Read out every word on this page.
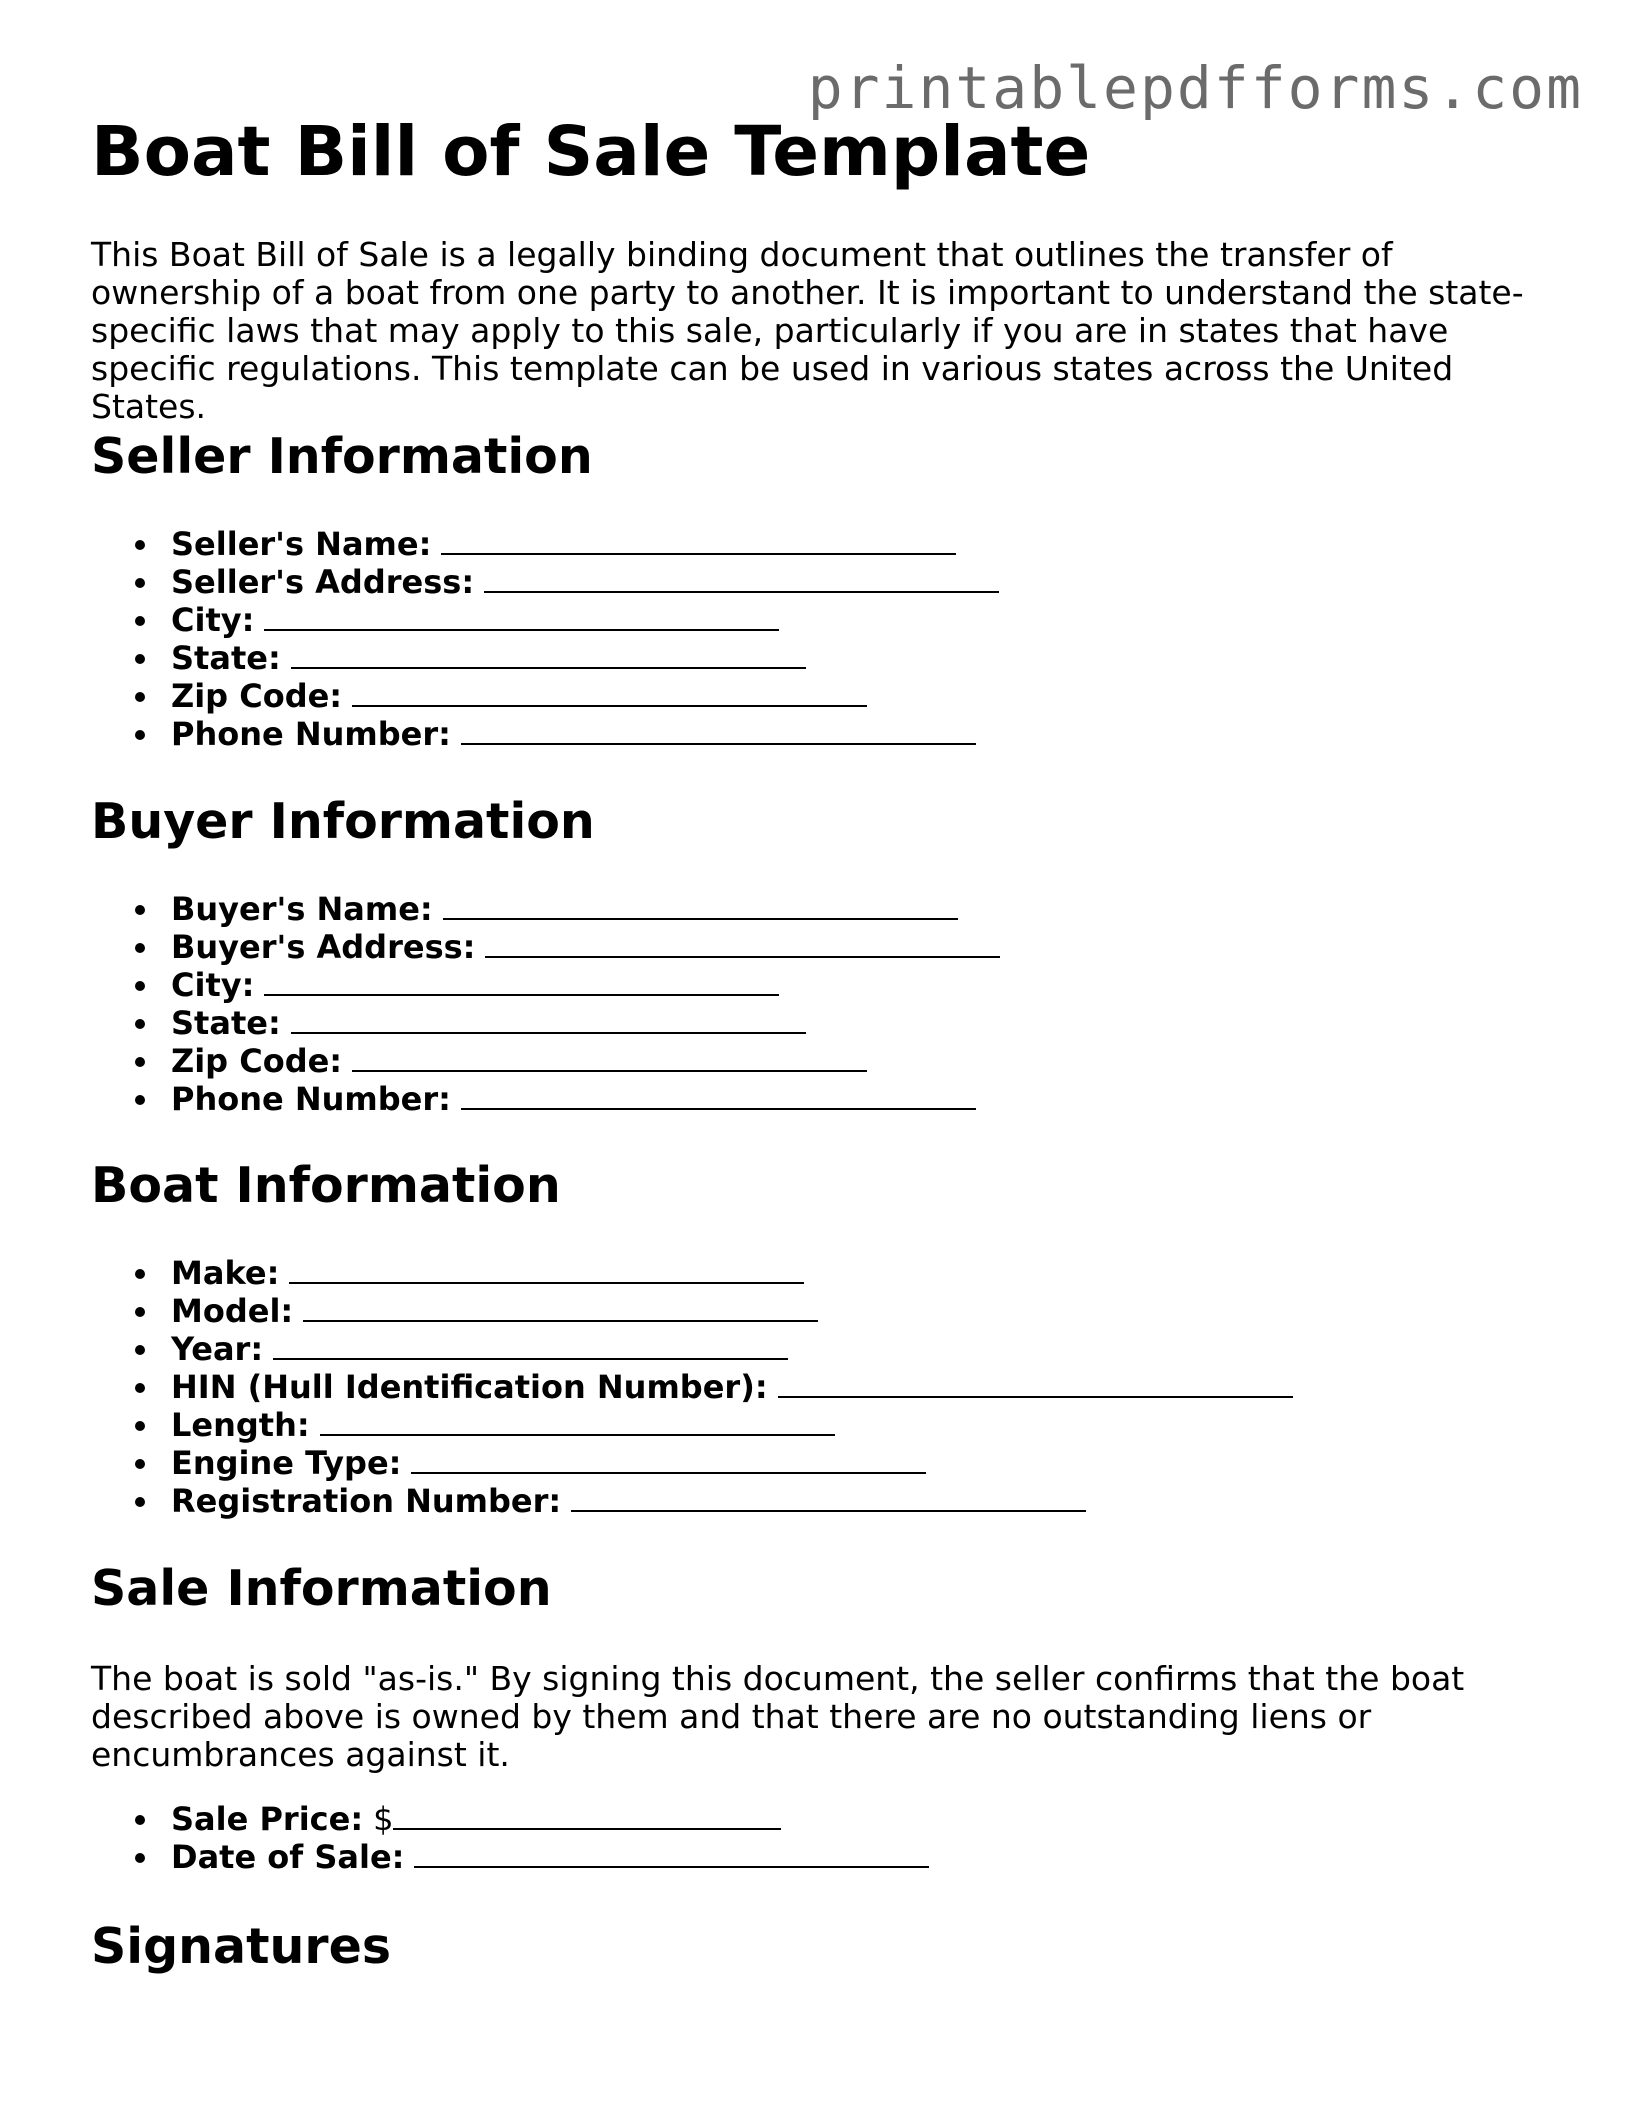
printablepdfforms.com
Boat Bill of Sale Template

This Boat Bill of Sale is a legally binding document that outlines the transfer of ownership of a boat from one party to another. It is important to understand the state-specific laws that may apply to this sale, particularly if you are in states that have specific regulations. This template can be used in various states across the United States.

Seller Information
Seller's Name:
Seller's Address:
City:
State:
Zip Code:
Phone Number:
Buyer Information
Buyer's Name:
Buyer's Address:
City:
State:
Zip Code:
Phone Number:
Boat Information
Make:
Model:
Year:
HIN (Hull Identification Number):
Length:
Engine Type:
Registration Number:
Sale Information

The boat is sold "as-is." By signing this document, the seller confirms that the boat described above is owned by them and that there are no outstanding liens or encumbrances against it.

Sale Price: $
Date of Sale:
Signatures
